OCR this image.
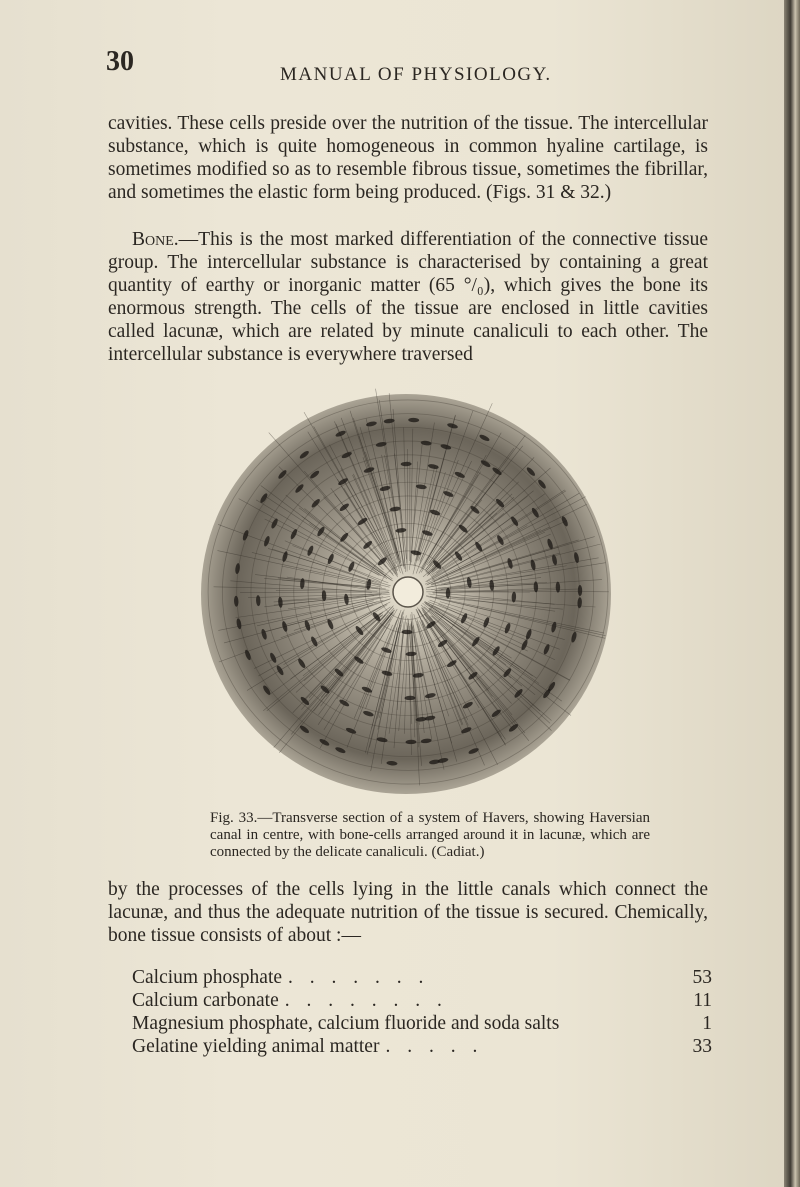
30	MANUAL OF PHYSIOLOGY.
cavities. These cells preside over the nutrition of the tissue. The intercellular substance, which is quite homogeneous in common hyaline cartilage, is sometimes modified so as to resemble fibrous tissue, sometimes the fibrillar, and sometimes the elastic form being produced. (Figs. 31 & 32.)
Bone.—This is the most marked differentiation of the connective tissue group. The intercellular substance is characterised by containing a great quantity of earthy or inorganic matter (65 °/₀), which gives the bone its enormous strength. The cells of the tissue are enclosed in little cavities called lacunæ, which are related by minute canaliculi to each other. The intercellular substance is everywhere traversed
Fig. 33.—Transverse section of a system of Havers, showing Haversian canal in centre, with bone-cells arranged around it in lacunæ, which are connected by the delicate canaliculi. (Cadiat.)
by the processes of the cells lying in the little canals which connect the lacunæ, and thus the adequate nutrition of the tissue is secured. Chemically, bone tissue consists of about :—
Calcium phosphate . . . . . . .	53
Calcium carbonate . . . . . . . .	11
Magnesium phosphate, calcium fluoride and soda salts	1
Gelatine yielding animal matter . . . . .	33
